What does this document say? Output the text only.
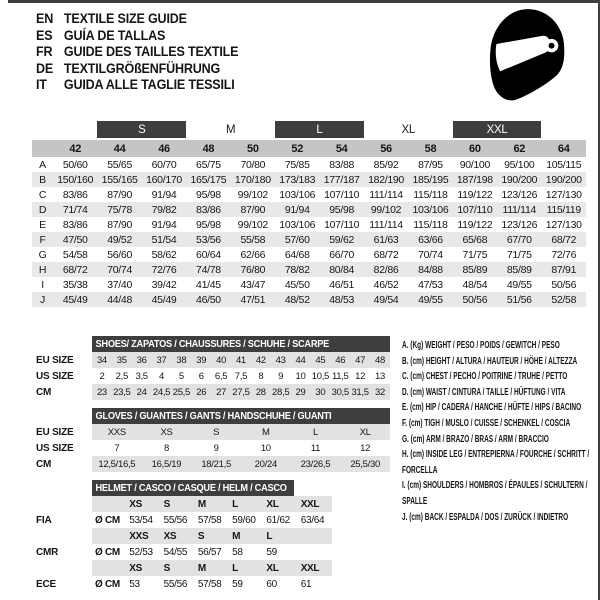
EN TEXTILE SIZE GUIDE
ES GUÍA DE TALLAS
FR GUIDE DES TAILLES TEXTILE
DE TEXTILGRÖßENFÜHRUNG
IT	GUIDA ALLE TAGLIE TESSILI
		S		M		L		XL		XXL		
	42	44	46	48	50	52	54	56	58	60	62	64
A	50/60	55/65	60/70	65/75	70/80	75/85	83/88	85/92	87/95	90/100	95/100	105/115
B	150/160	155/165	160/170	165/175	170/180	173/183	177/187	182/190	185/195	187/198	190/200	190/200
C	83/86	87/90	91/94	95/98	99/102	103/106	107/110	111/114	115/118	119/122	123/126	127/130
D	71/74	75/78	79/82	83/86	87/90	91/94	95/98	99/102	103/106	107/110	111/114	115/119
E	83/86	87/90	91/94	95/98	99/102	103/106	107/110	111/114	115/118	119/122	123/126	127/130
F	47/50	49/52	51/54	53/56	55/58	57/60	59/62	61/63	63/66	65/68	67/70	68/72
G	54/58	56/60	58/62	60/64	62/66	64/68	66/70	68/72	70/74	71/75	71/75	72/76
H	68/72	70/74	72/76	74/78	76/80	78/82	80/84	82/86	84/88	85/89	85/89	87/91
I	35/38	37/40	39/42	41/45	43/47	45/50	46/51	46/52	47/53	48/54	49/55	50/56
J	45/49	44/48	45/49	46/50	47/51	48/52	48/53	49/54	49/55	50/56	51/56	52/58
	SHOES/ ZAPATOS / CHAUSSURES / SCHUHE / SCARPE														
EU SIZE	34	35	36	37	38	39	40	41	42	43	44	45	46	47	48
US SIZE	2	2,5	3,5	4	5	6	6,5	7,5	8	9	10	10,5	11,5	12	13
CM	23	23,5	24	24,5	25,5	26	27	27,5	28	28,5	29	30	30,5	31,5	32
	GLOVES / GUANTES / GANTS / HANDSCHUHE / GUANTI					
EU SIZE	XXS	XS	S	M	L	XL
US SIZE	7	8	9	10	11	12
CM	12,5/16,5	16,5/19	18/21,5	20/24	23/26,5	25,5/30

	HELMET / CASCO / CASQUE / HELM / CASCO						

		XS	S	M	L	XL	XXL
FIA	Ø CM	53/54	55/56	57/58	59/60	61/62	63/64
		XXS	XS	S	M	L	
CMR	Ø CM	52/53	54/55	56/57	58	59	
		XS	S	M	L	XL	XXL
ECE	Ø CM	53	55/56	57/58	59	60	61
A. (Kg) WEIGHT / PESO / POIDS / GEWITCH / PESO
B. (cm) HEIGHT / ALTURA / HAUTEUR / HÖHE / ALTEZZA
C. (cm) CHEST / PECHO / POITRINE / TRUHE / PETTO
D. (cm) WAIST / CINTURA / TAILLE / HÜFTUNG / VITA
E. (cm) HIP / CADERA / HANCHE / HÜFTE / HIPS / BACINO
F. (cm) TIGH / MUSLO / CUISSE / SCHENKEL / COSCIA
G. (cm) ARM / BRAZO / BRAS / ARM / BRACCIO
H. (cm) INSIDE LEG / ENTREPIERNA / FOURCHE / SCHRITT / FORCELLA
I. (cm) SHOULDERS / HOMBROS / ÉPAULES / SCHULTERN / SPALLE
J. (cm) BACK / ESPALDA / DOS / ZURÜCK / INDIETRO
